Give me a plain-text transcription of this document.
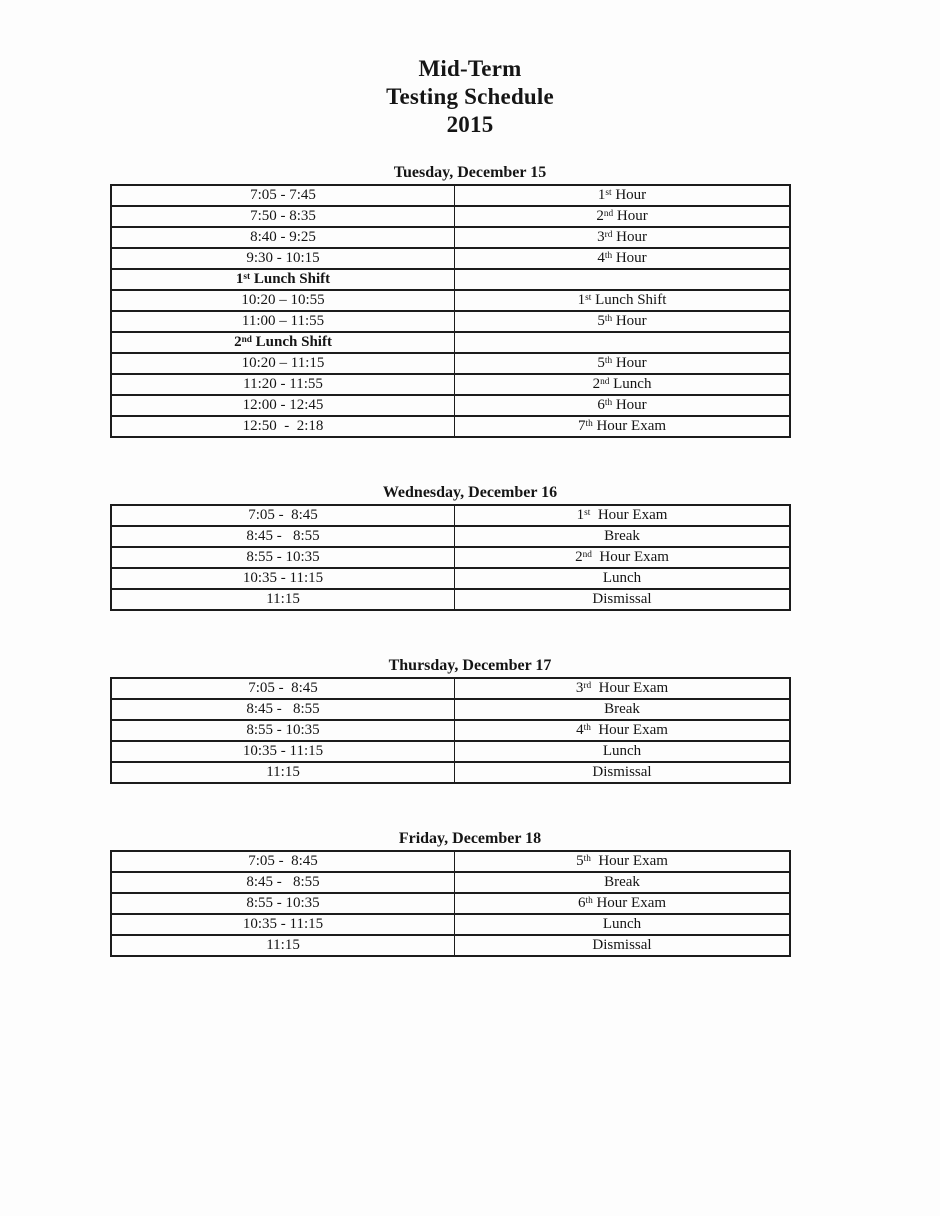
Mid-Term
Testing Schedule
2015
Tuesday, December 15
7:05 - 7:45	1st Hour
7:50 - 8:35	2nd Hour
8:40 - 9:25	3rd Hour
9:30 - 10:15	4th Hour
1st Lunch Shift	
10:20 – 10:55	1st Lunch Shift
11:00 – 11:55	5th Hour
2nd Lunch Shift	
10:20 – 11:15	5th Hour
11:20 - 11:55	2nd Lunch
12:00 - 12:45	6th Hour
12:50  -  2:18	7th Hour Exam
Wednesday, December 16
7:05 -  8:45	1st  Hour Exam
8:45 -   8:55	Break
8:55 - 10:35	2nd  Hour Exam
10:35 - 11:15	Lunch
11:15	Dismissal
Thursday, December 17
7:05 -  8:45	3rd  Hour Exam
8:45 -   8:55	Break
8:55 - 10:35	4th  Hour Exam
10:35 - 11:15	Lunch
11:15	Dismissal
Friday, December 18
7:05 -  8:45	5th  Hour Exam
8:45 -   8:55	Break
8:55 - 10:35	6th Hour Exam
10:35 - 11:15	Lunch
11:15	Dismissal
